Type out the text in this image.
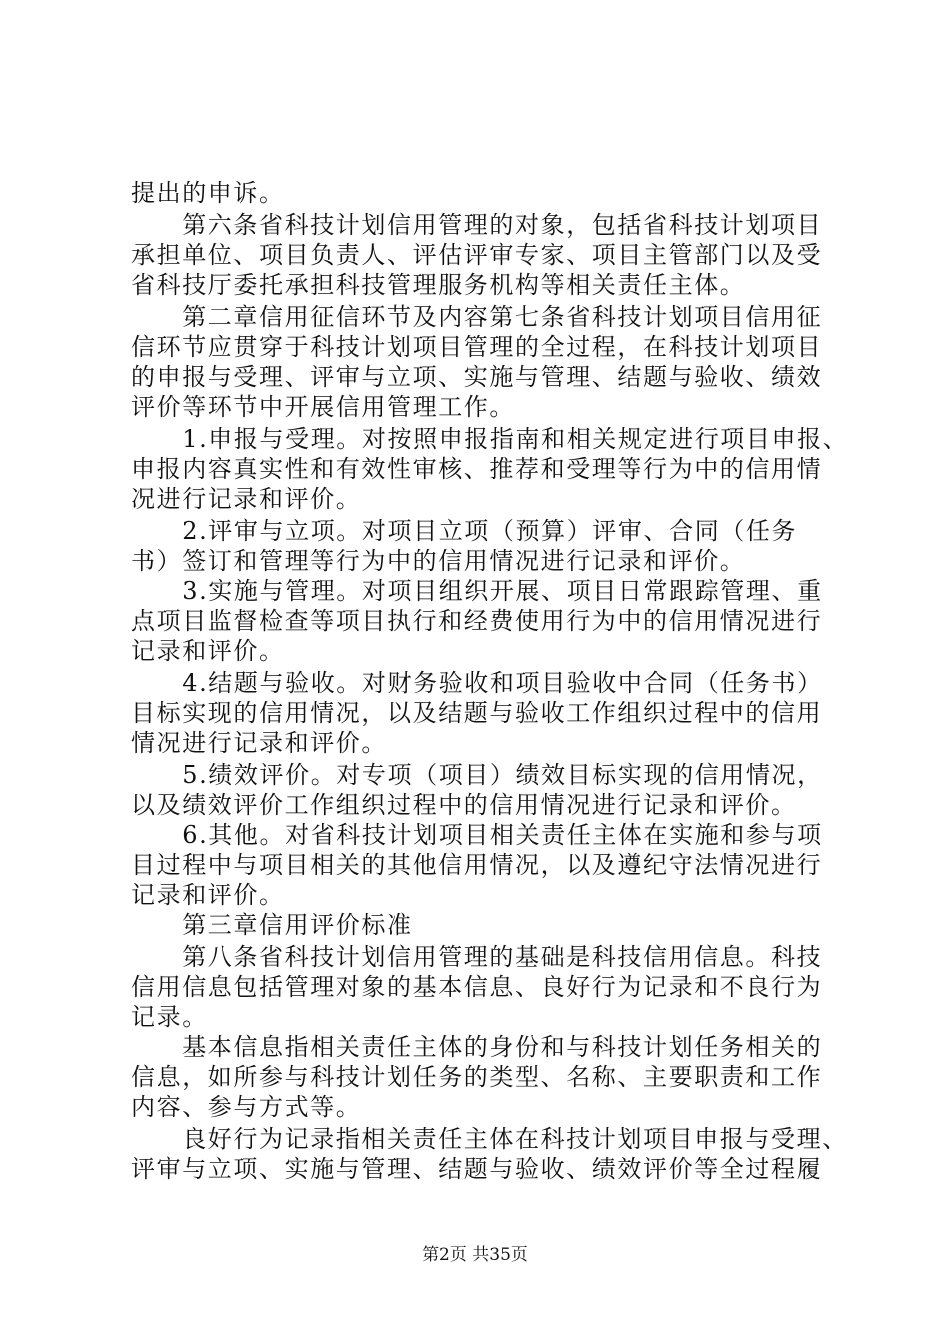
提出的申诉。
　　第六条省科技计划信用管理的对象，包括省科技计划项目
承担单位、项目负责人、评估评审专家、项目主管部门以及受
省科技厅委托承担科技管理服务机构等相关责任主体。
　　第二章信用征信环节及内容第七条省科技计划项目信用征
信环节应贯穿于科技计划项目管理的全过程，在科技计划项目
的申报与受理、评审与立项、实施与管理、结题与验收、绩效
评价等环节中开展信用管理工作。
　　1.申报与受理。对按照申报指南和相关规定进行项目申报、
申报内容真实性和有效性审核、推荐和受理等行为中的信用情
况进行记录和评价。
　　2.评审与立项。对项目立项（预算）评审、合同（任务
书）签订和管理等行为中的信用情况进行记录和评价。
　　3.实施与管理。对项目组织开展、项目日常跟踪管理、重
点项目监督检查等项目执行和经费使用行为中的信用情况进行
记录和评价。
　　4.结题与验收。对财务验收和项目验收中合同（任务书）
目标实现的信用情况，以及结题与验收工作组织过程中的信用
情况进行记录和评价。
　　5.绩效评价。对专项（项目）绩效目标实现的信用情况，
以及绩效评价工作组织过程中的信用情况进行记录和评价。
　　6.其他。对省科技计划项目相关责任主体在实施和参与项
目过程中与项目相关的其他信用情况，以及遵纪守法情况进行
记录和评价。
　　第三章信用评价标准
　　第八条省科技计划信用管理的基础是科技信用信息。科技
信用信息包括管理对象的基本信息、良好行为记录和不良行为
记录。
　　基本信息指相关责任主体的身份和与科技计划任务相关的
信息，如所参与科技计划任务的类型、名称、主要职责和工作
内容、参与方式等。
　　良好行为记录指相关责任主体在科技计划项目申报与受理、
评审与立项、实施与管理、结题与验收、绩效评价等全过程履
第2页 共35页
